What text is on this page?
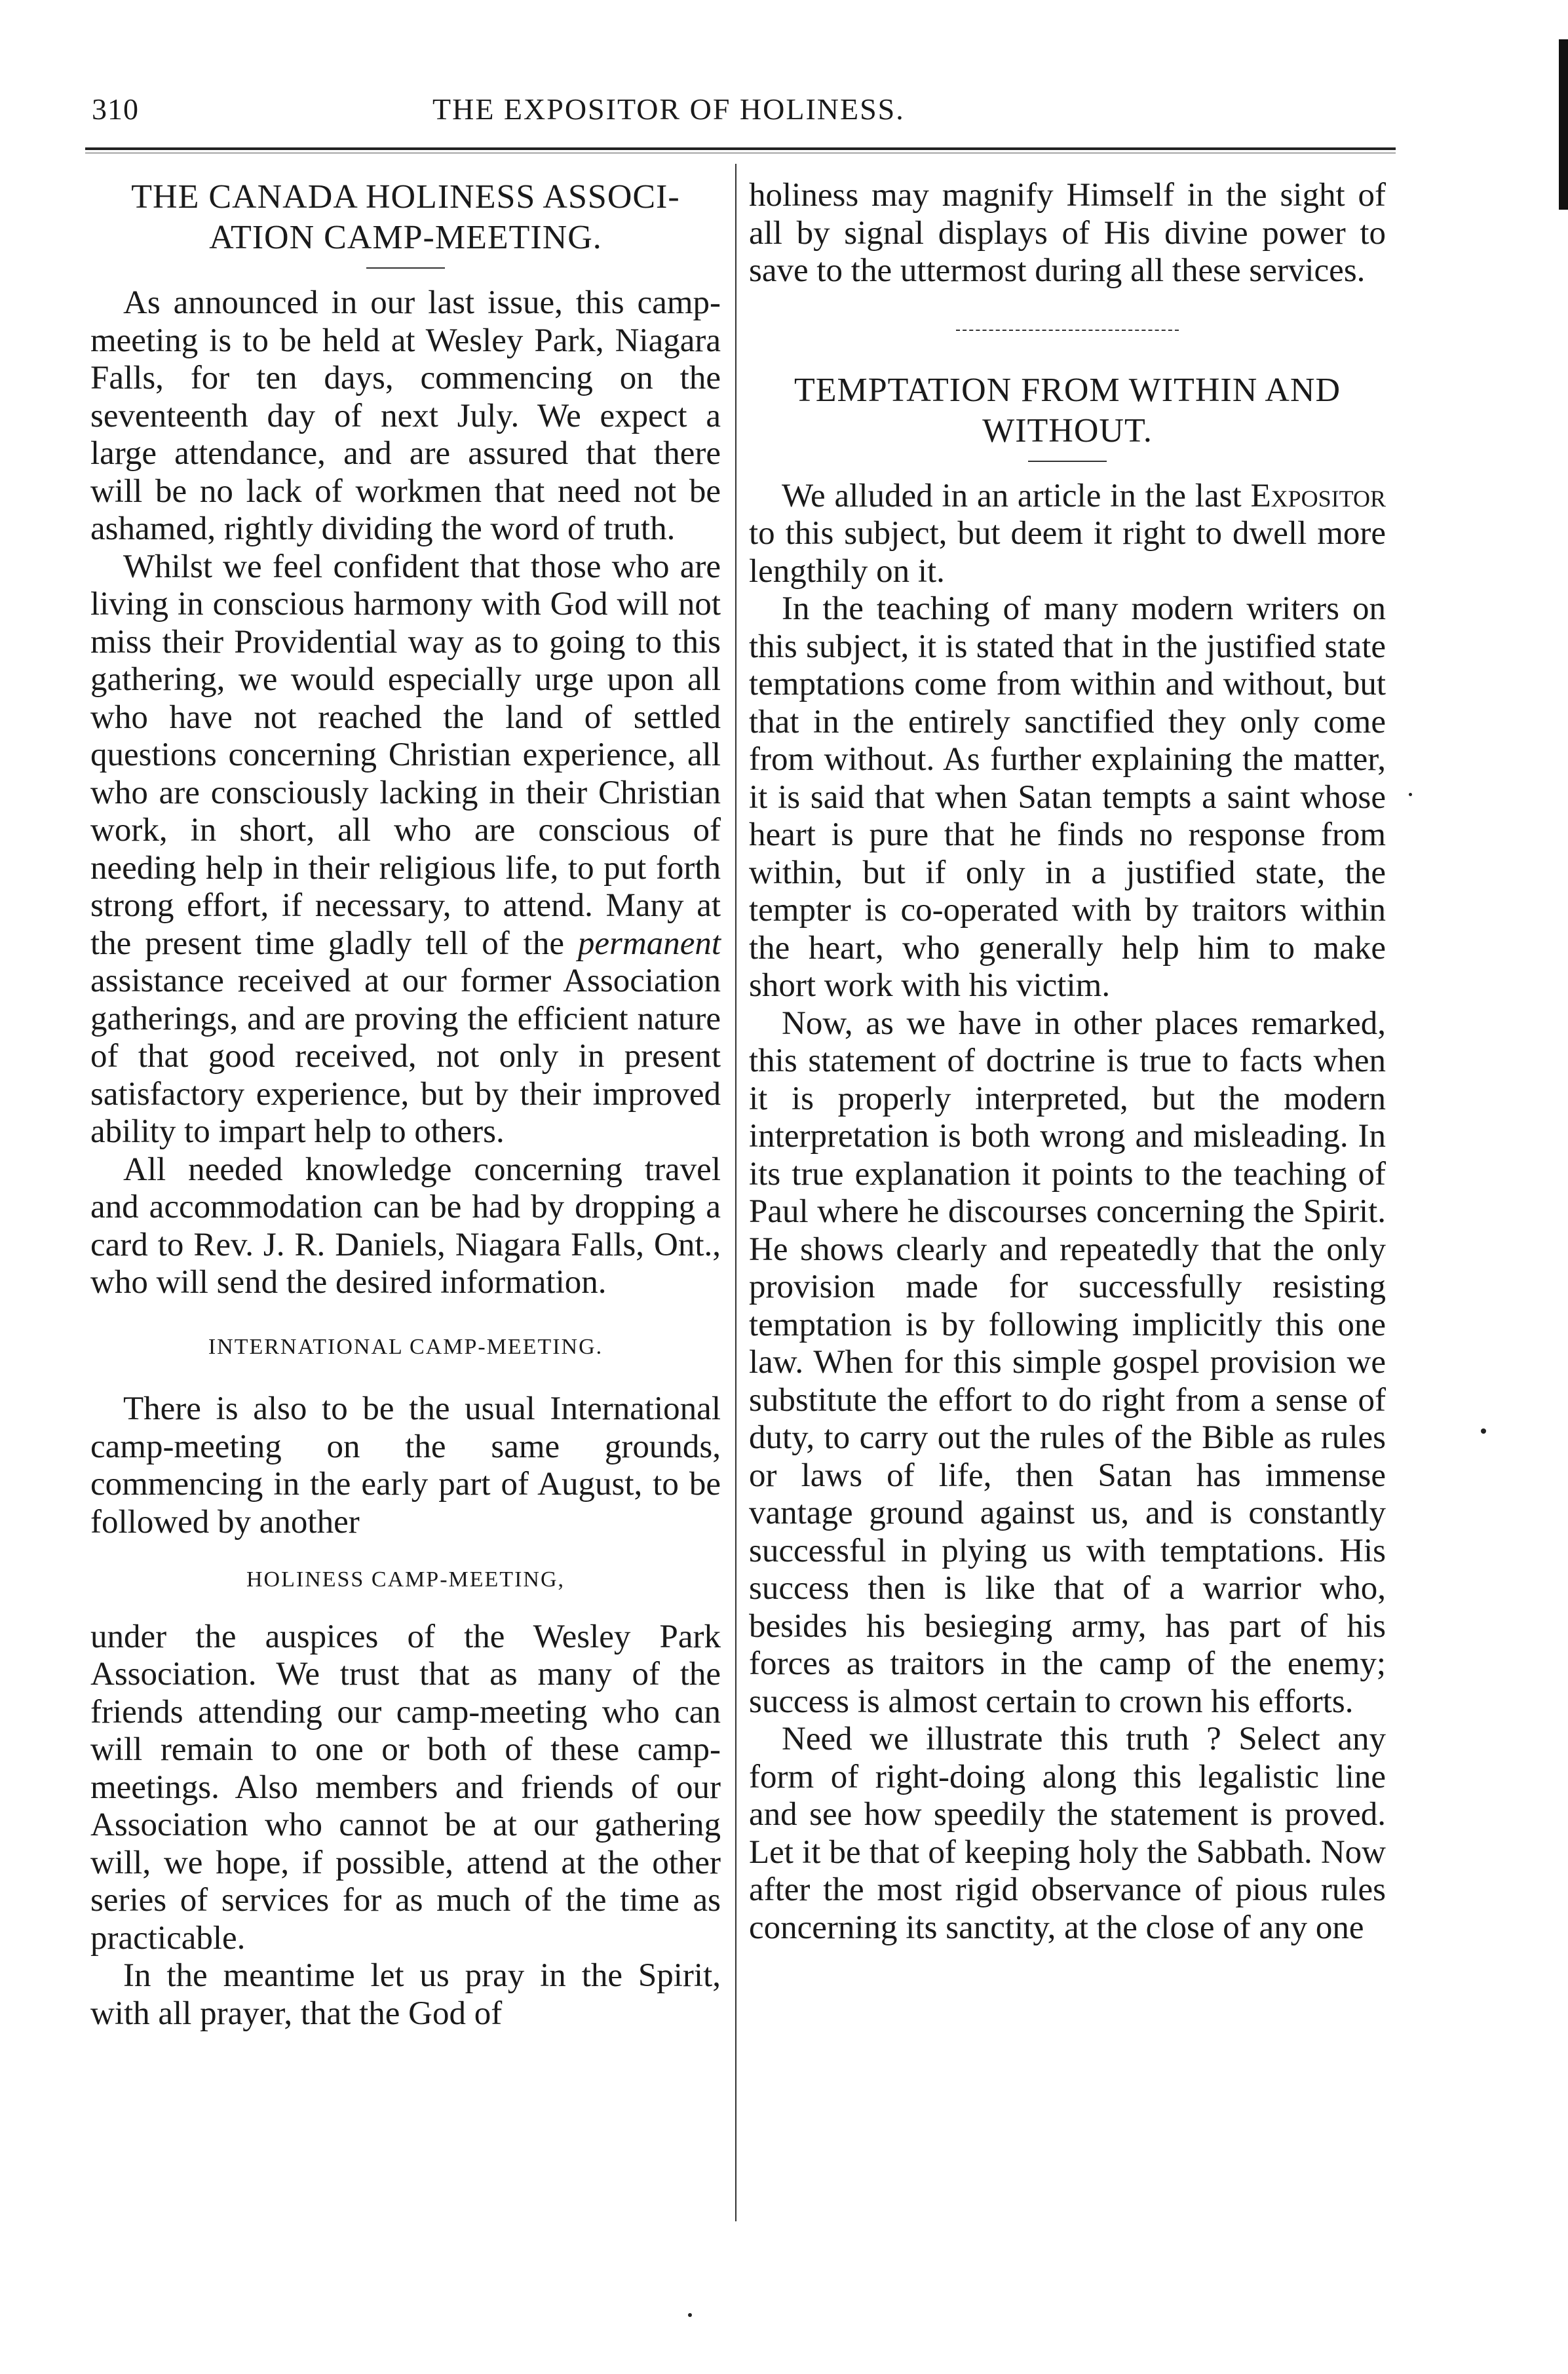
310	THE EXPOSITOR OF HOLINESS.
THE CANADA HOLINESS ASSOCI-ATION CAMP-MEETING.

As announced in our last issue, this camp-meeting is to be held at Wesley Park, Niagara Falls, for ten days, commencing on the seventeenth day of next July. We expect a large attendance, and are assured that there will be no lack of workmen that need not be ashamed, rightly dividing the word of truth.

Whilst we feel confident that those who are living in conscious harmony with God will not miss their Providential way as to going to this gathering, we would especially urge upon all who have not reached the land of settled questions concerning Christian experience, all who are consciously lacking in their Christian work, in short, all who are conscious of needing help in their religious life, to put forth strong effort, if necessary, to attend. Many at the present time gladly tell of the permanent assistance received at our former Association gatherings, and are proving the efficient nature of that good received, not only in present satisfactory experience, but by their improved ability to impart help to others.

All needed knowledge concerning travel and accommodation can be had by dropping a card to Rev. J. R. Daniels, Niagara Falls, Ont., who will send the desired information.

INTERNATIONAL CAMP-MEETING.

There is also to be the usual International camp-meeting on the same grounds, commencing in the early part of August, to be followed by another

HOLINESS CAMP-MEETING,

under the auspices of the Wesley Park Association. We trust that as many of the friends attending our camp-meeting who can will remain to one or both of these camp-meetings. Also members and friends of our Association who cannot be at our gathering will, we hope, if possible, attend at the other series of services for as much of the time as practicable.

In the meantime let us pray in the Spirit, with all prayer, that the God of

holiness may magnify Himself in the sight of all by signal displays of His divine power to save to the uttermost during all these services.

TEMPTATION FROM WITHIN AND WITHOUT.

We alluded in an article in the last Expositor to this subject, but deem it right to dwell more lengthily on it.

In the teaching of many modern writers on this subject, it is stated that in the justified state temptations come from within and without, but that in the entirely sanctified they only come from without. As further explaining the matter, it is said that when Satan tempts a saint whose heart is pure that he finds no response from within, but if only in a justified state, the tempter is co-operated with by traitors within the heart, who generally help him to make short work with his victim.

Now, as we have in other places remarked, this statement of doctrine is true to facts when it is properly interpreted, but the modern interpretation is both wrong and misleading. In its true explanation it points to the teaching of Paul where he discourses concerning the Spirit. He shows clearly and repeatedly that the only provision made for successfully resisting temptation is by following implicitly this one law. When for this simple gospel provision we substitute the effort to do right from a sense of duty, to carry out the rules of the Bible as rules or laws of life, then Satan has immense vantage ground against us, and is constantly successful in plying us with temptations. His success then is like that of a warrior who, besides his besieging army, has part of his forces as traitors in the camp of the enemy; success is almost certain to crown his efforts.

Need we illustrate this truth ? Select any form of right-doing along this legalistic line and see how speedily the statement is proved. Let it be that of keeping holy the Sabbath. Now after the most rigid observance of pious rules concerning its sanctity, at the close of any one
